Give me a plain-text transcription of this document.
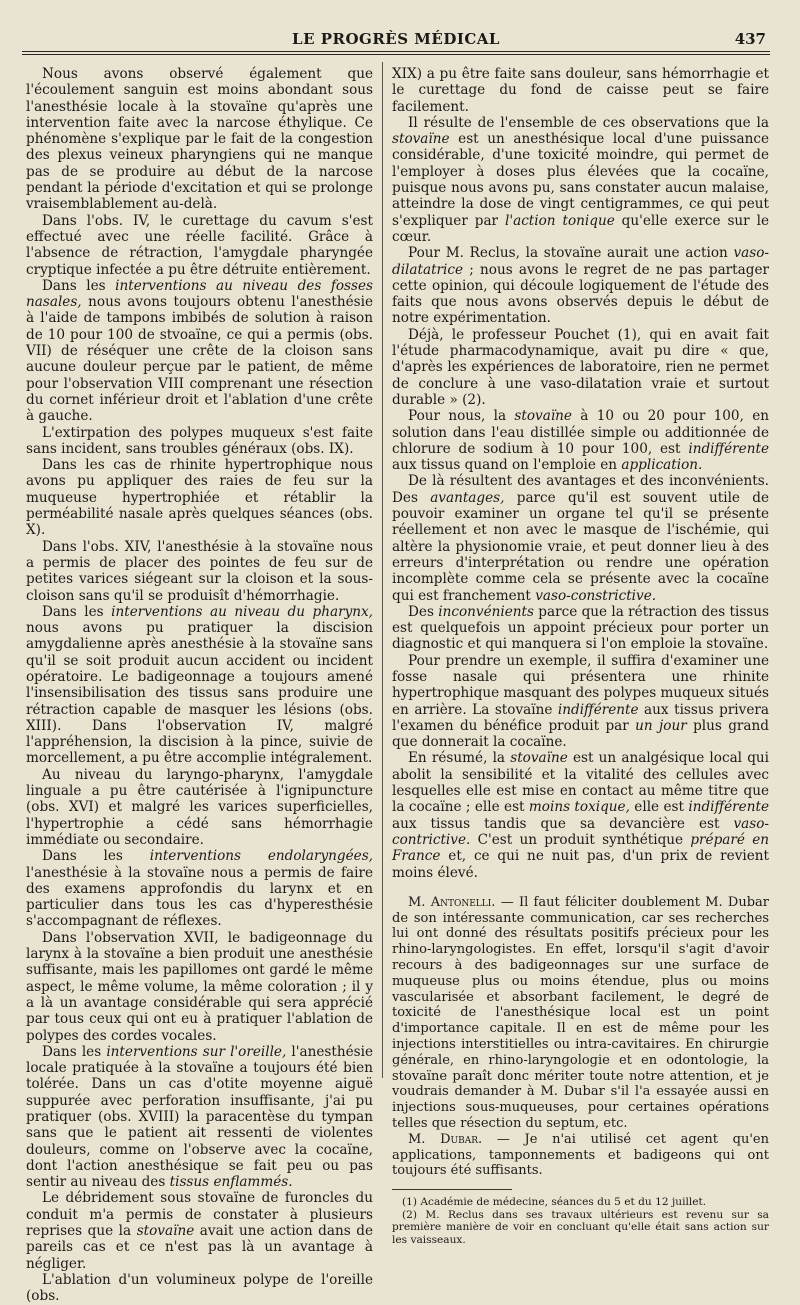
LE PROGRÈS MÉDICAL	437

Nous avons observé également que l'écoulement sanguin est moins abondant sous l'anesthésie locale à la stovaïne qu'après une intervention faite avec la narcose éthylique. Ce phénomène s'explique par le fait de la congestion des plexus veineux pharyngiens qui ne manque pas de se produire au début de la narcose pendant la période d'excitation et qui se prolonge vraisemblablement au-delà.

Dans l'obs. IV, le curettage du cavum s'est effectué avec une réelle facilité. Grâce à l'absence de rétraction, l'amygdale pharyngée cryptique infectée a pu être détruite entièrement.

Dans les interventions au niveau des fosses nasales, nous avons toujours obtenu l'anesthésie à l'aide de tampons imbibés de solution à raison de 10 pour 100 de stvoaïne, ce qui a permis (obs. VII) de réséquer une crête de la cloison sans aucune douleur perçue par le patient, de même pour l'observation VIII comprenant une résection du cornet inférieur droit et l'ablation d'une crête à gauche.

L'extirpation des polypes muqueux s'est faite sans incident, sans troubles généraux (obs. IX).

Dans les cas de rhinite hypertrophique nous avons pu appliquer des raies de feu sur la muqueuse hypertrophiée et rétablir la perméabilité nasale après quelques séances (obs. X).

Dans l'obs. XIV, l'anesthésie à la stovaïne nous a permis de placer des pointes de feu sur de petites varices siégeant sur la cloison et la sous-cloison sans qu'il se produisît d'hémorrhagie.

Dans les interventions au niveau du pharynx, nous avons pu pratiquer la discision amygdalienne après anesthésie à la stovaïne sans qu'il se soit produit aucun accident ou incident opératoire. Le badigeonnage a toujours amené l'insensibilisation des tissus sans produire une rétraction capable de masquer les lésions (obs. XIII). Dans l'observation IV, malgré l'appréhension, la discision à la pince, suivie de morcellement, a pu être accomplie intégralement.

Au niveau du laryngo-pharynx, l'amygdale linguale a pu être cautérisée à l'ignipuncture (obs. XVI) et malgré les varices superficielles, l'hypertrophie a cédé sans hémorrhagie immédiate ou secondaire.

Dans les interventions endolaryngées, l'anesthésie à la stovaïne nous a permis de faire des examens approfondis du larynx et en particulier dans tous les cas d'hyperesthésie s'accompagnant de réflexes.

Dans l'observation XVII, le badigeonnage du larynx à la stovaïne a bien produit une anesthésie suffisante, mais les papillomes ont gardé le même aspect, le même volume, la même coloration ; il y a là un avantage considérable qui sera apprécié par tous ceux qui ont eu à pratiquer l'ablation de polypes des cordes vocales.

Dans les interventions sur l'oreille, l'anesthésie locale pratiquée à la stovaïne a toujours été bien tolérée. Dans un cas d'otite moyenne aiguë suppurée avec perforation insuffisante, j'ai pu pratiquer (obs. XVIII) la paracentèse du tympan sans que le patient ait ressenti de violentes douleurs, comme on l'observe avec la cocaïne, dont l'action anesthésique se fait peu ou pas sentir au niveau des tissus enflammés.

Le débridement sous stovaïne de furoncles du conduit m'a permis de constater à plusieurs reprises que la stovaïne avait une action dans de pareils cas et ce n'est pas là un avantage à négliger.

L'ablation d'un volumineux polype de l'oreille (obs.

XIX) a pu être faite sans douleur, sans hémorrhagie et le curettage du fond de caisse peut se faire facilement.

Il résulte de l'ensemble de ces observations que la stovaïne est un anesthésique local d'une puissance considérable, d'une toxicité moindre, qui permet de l'employer à doses plus élevées que la cocaïne, puisque nous avons pu, sans constater aucun malaise, atteindre la dose de vingt centigrammes, ce qui peut s'expliquer par l'action tonique qu'elle exerce sur le cœur.

Pour M. Reclus, la stovaïne aurait une action vaso-dilatatrice ; nous avons le regret de ne pas partager cette opinion, qui découle logiquement de l'étude des faits que nous avons observés depuis le début de notre expérimentation.

Déjà, le professeur Pouchet (1), qui en avait fait l'étude pharmacodynamique, avait pu dire « que, d'après les expériences de laboratoire, rien ne permet de conclure à une vaso-dilatation vraie et surtout durable » (2).

Pour nous, la stovaïne à 10 ou 20 pour 100, en solution dans l'eau distillée simple ou additionnée de chlorure de sodium à 10 pour 100, est indifférente aux tissus quand on l'emploie en application.

De là résultent des avantages et des inconvénients. Des avantages, parce qu'il est souvent utile de pouvoir examiner un organe tel qu'il se présente réellement et non avec le masque de l'ischémie, qui altère la physionomie vraie, et peut donner lieu à des erreurs d'interprétation ou rendre une opération incomplète comme cela se présente avec la cocaïne qui est franchement vaso-constrictive.

Des inconvénients parce que la rétraction des tissus est quelquefois un appoint précieux pour porter un diagnostic et qui manquera si l'on emploie la stovaïne.

Pour prendre un exemple, il suffira d'examiner une fosse nasale qui présentera une rhinite hypertrophique masquant des polypes muqueux situés en arrière. La stovaïne indifférente aux tissus privera l'examen du bénéfice produit par un jour plus grand que donnerait la cocaïne.

En résumé, la stovaïne est un analgésique local qui abolit la sensibilité et la vitalité des cellules avec lesquelles elle est mise en contact au même titre que la cocaïne ; elle est moins toxique, elle est indifférente aux tissus tandis que sa devancière est vaso-contrictive. C'est un produit synthétique préparé en France et, ce qui ne nuit pas, d'un prix de revient moins élevé.

M. Antonelli. — Il faut féliciter doublement M. Dubar de son intéressante communication, car ses recherches lui ont donné des résultats positifs précieux pour les rhino-laryngologistes. En effet, lorsqu'il s'agit d'avoir recours à des badigeonnages sur une surface de muqueuse plus ou moins étendue, plus ou moins vascularisée et absorbant facilement, le degré de toxicité de l'anesthésique local est un point d'importance capitale. Il en est de même pour les injections interstitielles ou intra-cavitaires. En chirurgie générale, en rhino-laryngologie et en odontologie, la stovaïne paraît donc mériter toute notre attention, et je voudrais demander à M. Dubar s'il l'a essayée aussi en injections sous-muqueuses, pour certaines opérations telles que résection du septum, etc.

M. Dubar. — Je n'ai utilisé cet agent qu'en applications, tamponnements et badigeons qui ont toujours été suffisants.

(1) Académie de médecine, séances du 5 et du 12 juillet.

(2) M. Reclus dans ses travaux ultérieurs est revenu sur sa première manière de voir en concluant qu'elle était sans action sur les vaisseaux.
